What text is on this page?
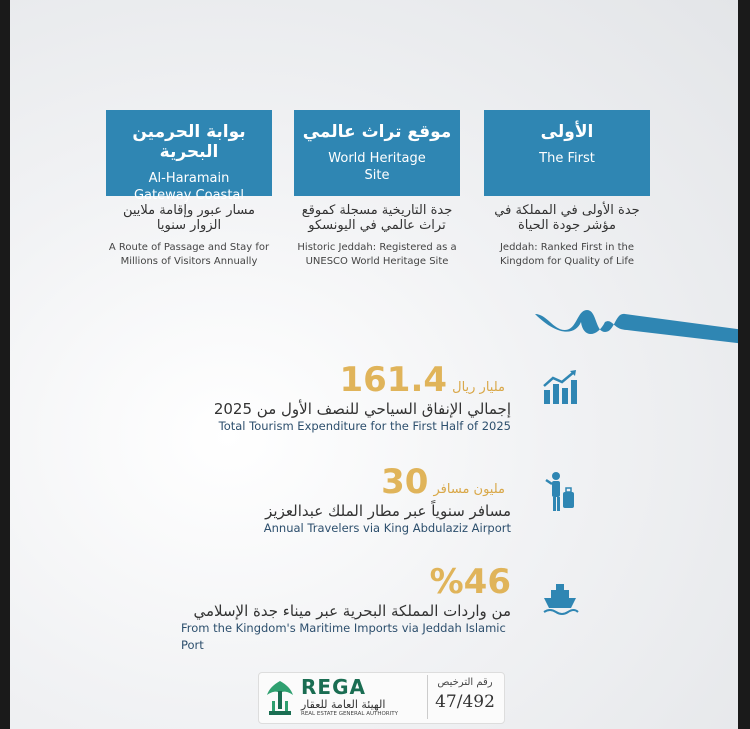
بوابة الحرمين البحرية
Al-Haramain Gateway Coastal
موقع تراث عالمي
World Heritage Site
الأولى
The First
مسار عبور وإقامة ملايين الزوار سنويا
A Route of Passage and Stay for Millions of Visitors Annually
جدة التاريخية مسجلة كموقع تراث عالمي في اليونسكو
Historic Jeddah: Registered as a UNESCO World Heritage Site
جدة الأولى في المملكة في مؤشر جودة الحياة
Jeddah: Ranked First in the Kingdom for Quality of Life
مليار ريال 161.4
إجمالي الإنفاق السياحي للنصف الأول من 2025
Total Tourism Expenditure for the First Half of 2025
مليون مسافر 30
مسافر سنوياً عبر مطار الملك عبدالعزيز
Annual Travelers via King Abdulaziz Airport
%46
من واردات المملكة البحرية عبر ميناء جدة الإسلامي
From the Kingdom's Maritime Imports via Jeddah Islamic Port
REGA
الهيئة العامة للعقار
REAL ESTATE GENERAL AUTHORITY
رقم الترخيص
47/492
